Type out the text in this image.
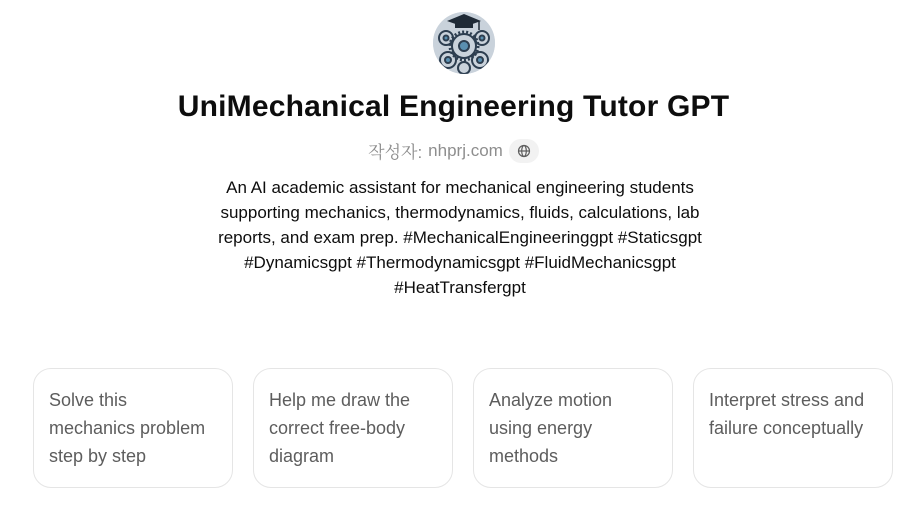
UniMechanical Engineering Tutor GPT
작성자: nhprj.com
An AI academic assistant for mechanical engineering students supporting mechanics, thermodynamics, fluids, calculations, lab reports, and exam prep. #MechanicalEngineeringgpt #Staticsgpt #Dynamicsgpt #Thermodynamicsgpt #FluidMechanicsgpt #HeatTransfergpt
Solve this mechanics problem step by step
Help me draw the correct free-body diagram
Analyze motion using energy methods
Interpret stress and failure conceptually
